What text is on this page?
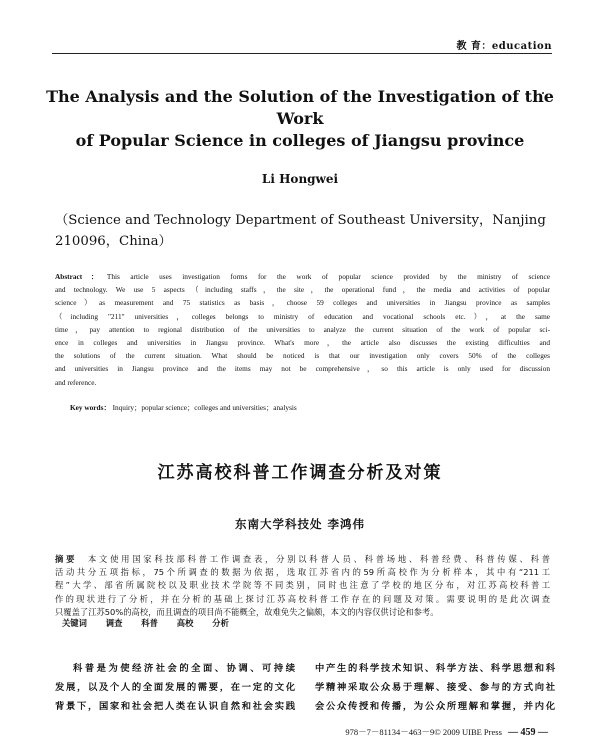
教 育：education
The Analysis and the Solution of the Investigation of the Work
of Popular Science in colleges of Jiangsu province
Li Hongwei
（Science and Technology Department of Southeast University，Nanjing
210096，China）
Abstract：This article uses investigation forms for the work of popular science provided by the ministry of science
and technology. We use 5 aspects（including staffs，the site，the operational fund，the media and activities of popular
science）as measurement and 75 statistics as basis，choose 59 colleges and universities in Jiangsu province as samples
（including "211" universities，colleges belongs to ministry of education and vocational schools etc.），at the same
time，pay attention to regional distribution of the universities to analyze the current situation of the work of popular sci-
ence in colleges and universities in Jiangsu province. What's more，the article also discusses the existing difficulties and
the solutions of the current situation. What should be noticed is that our investigation only covers 50% of the colleges
and universities in Jiangsu province and the items may not be comprehensive，so this article is only used for discussion
and reference.
Key words： Inquiry；popular science；colleges and universities；analysis
江苏高校科普工作调查分析及对策
东南大学科技处 李鸿伟
摘要 本文使用国家科技部科普工作调查表，分别以科普人员、科普场地、科普经费、科普传媒、科普
活动共分五项指标，75个所调查的数据为依据，选取江苏省内的59所高校作为分析样本，其中有“211工
程”大学、部省所属院校以及职业技术学院等不同类别，同时也注意了学校的地区分布，对江苏高校科普工
作的现状进行了分析，并在分析的基础上探讨江苏高校科普工作存在的问题及对策。需要说明的是此次调查
只覆盖了江苏50%的高校，而且调查的项目尚不能概全，故难免失之偏颇，本文的内容仅供讨论和参考。
关键词 调查 科普 高校 分析
科普是为使经济社会的全面、协调、可持续
发展，以及个人的全面发展的需要，在一定的文化
背景下，国家和社会把人类在认识自然和社会实践
中产生的科学技术知识、科学方法、科学思想和科
学精神采取公众易于理解、接受、参与的方式向社
会公众传授和传播，为公众所理解和掌握，并内化
978－7－81134－463－9© 2009 UIBE Press — 459 —
